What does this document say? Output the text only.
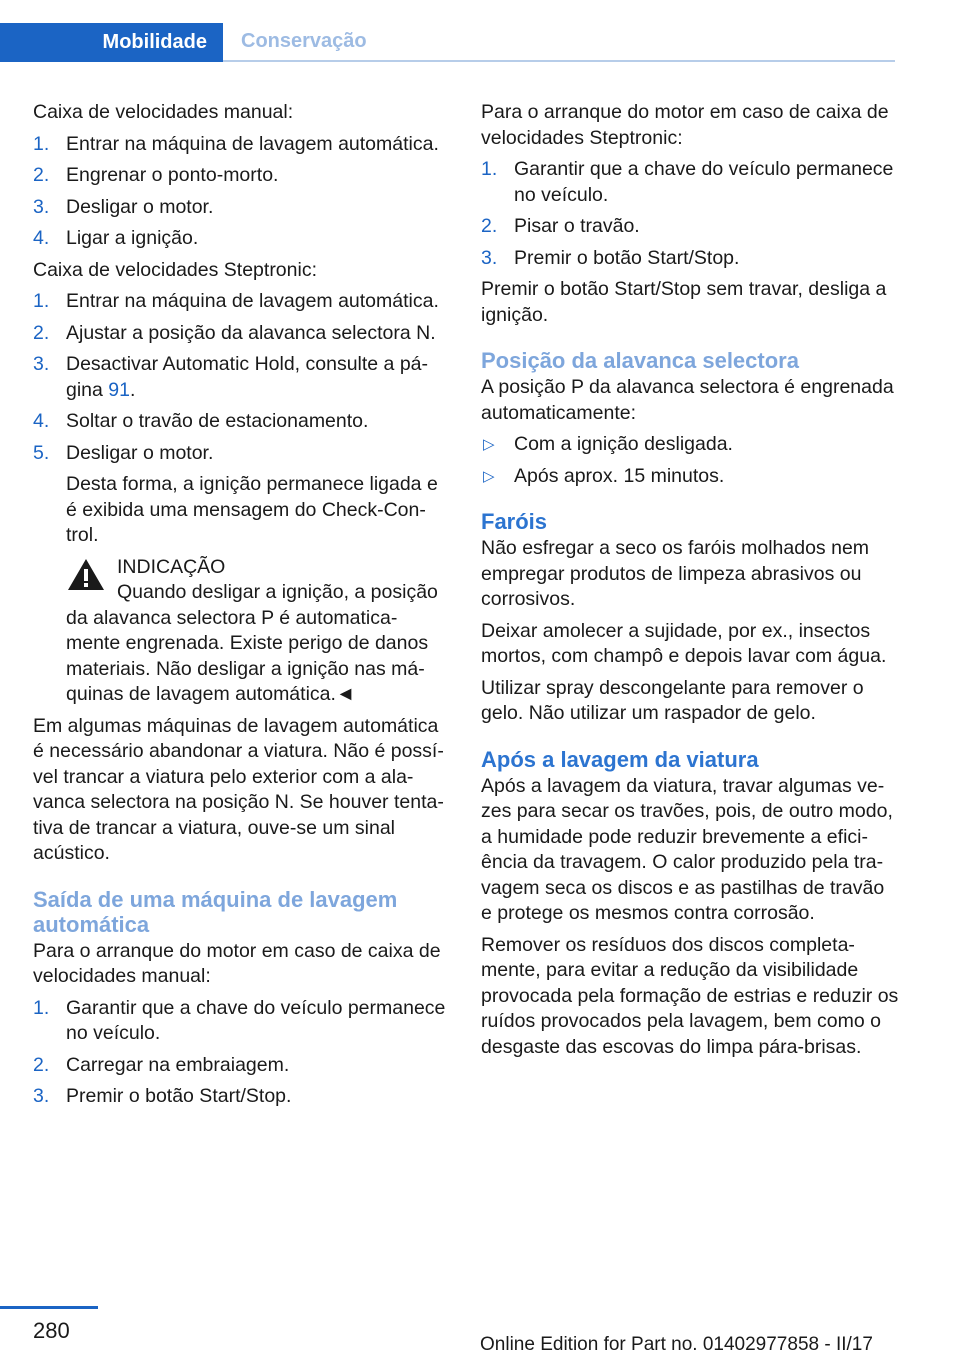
Mobilidade	Conservação

Caixa de velocidades manual:

1. Entrar na máquina de lavagem automática.
2. Engrenar o ponto-morto.
3. Desligar o motor.
4. Ligar a ignição.

Caixa de velocidades Steptronic:

1. Entrar na máquina de lavagem automática.
2. Ajustar a posição da alavanca selectora N.
3. Desactivar Automatic Hold, consulte a pá-gina 91.
4. Soltar o travão de estacionamento.
5. Desligar o motor.
Desta forma, a ignição permanece ligada e é exibida uma mensagem do Check-Con-trol.
INDICAÇÃO
Quando desligar a ignição, a posição
da alavanca selectora P é automatica-mente engrenada. Existe perigo de danos materiais. Não desligar a ignição nas má-quinas de lavagem automática.◄

Em algumas máquinas de lavagem automática é necessário abandonar a viatura. Não é possí-vel trancar a viatura pelo exterior com a ala-vanca selectora na posição N. Se houver tenta-tiva de trancar a viatura, ouve-se um sinal acústico.

Saída de uma máquina de lavagem automática

Para o arranque do motor em caso de caixa de velocidades manual:

1. Garantir que a chave do veículo permanece no veículo.
2. Carregar na embraiagem.
3. Premir o botão Start/Stop.

Para o arranque do motor em caso de caixa de velocidades Steptronic:

1. Garantir que a chave do veículo permanece no veículo.
2. Pisar o travão.
3. Premir o botão Start/Stop.

Premir o botão Start/Stop sem travar, desliga a ignição.

Posição da alavanca selectora

A posição P da alavanca selectora é engrenada automaticamente:

▷ Com a ignição desligada.
▷ Após aprox. 15 minutos.
Faróis

Não esfregar a seco os faróis molhados nem empregar produtos de limpeza abrasivos ou corrosivos.

Deixar amolecer a sujidade, por ex., insectos mortos, com champô e depois lavar com água.

Utilizar spray descongelante para remover o gelo. Não utilizar um raspador de gelo.

Após a lavagem da viatura

Após a lavagem da viatura, travar algumas ve-zes para secar os travões, pois, de outro modo, a humidade pode reduzir brevemente a efici-ência da travagem. O calor produzido pela tra-vagem seca os discos e as pastilhas de travão e protege os mesmos contra corrosão.

Remover os resíduos dos discos completa-mente, para evitar a redução da visibilidade provocada pela formação de estrias e reduzir os ruídos provocados pela lavagem, bem como o desgaste das escovas do limpa pára-brisas.

280
Online Edition for Part no. 01402977858 - II/17
